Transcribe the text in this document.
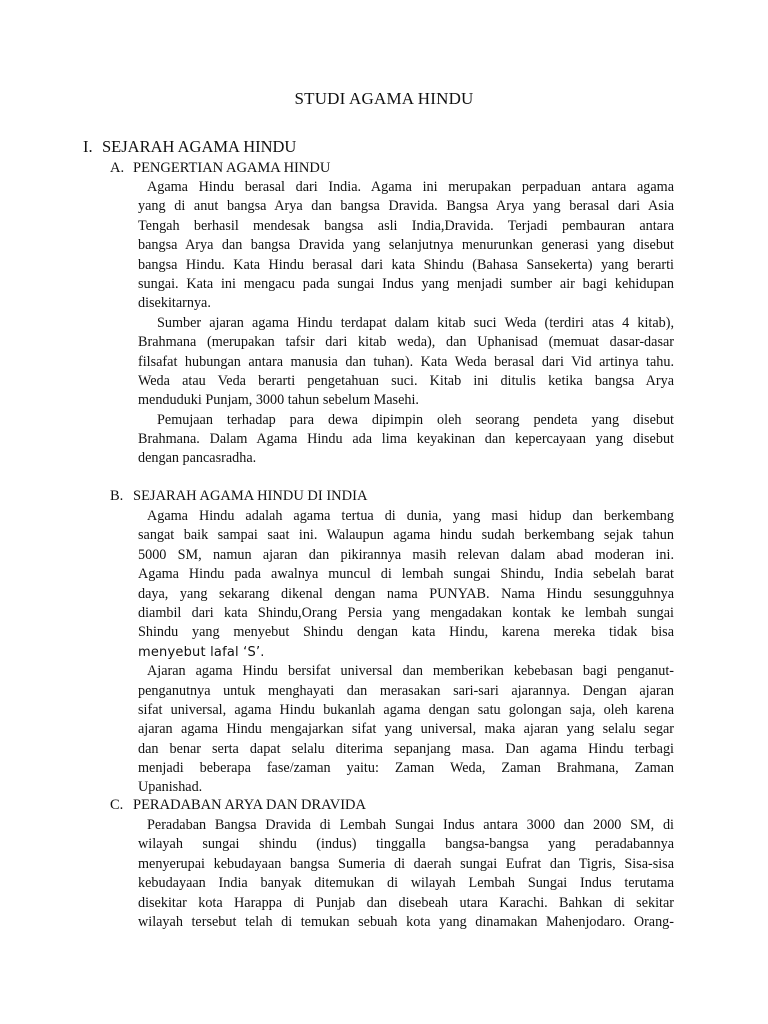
STUDI AGAMA HINDU
I. SEJARAH AGAMA HINDU
A. PENGERTIAN AGAMA HINDU
Agama Hindu berasal dari India. Agama ini merupakan perpaduan antara agama
yang di anut bangsa Arya dan bangsa Dravida. Bangsa Arya yang berasal dari Asia
Tengah berhasil mendesak bangsa asli India,Dravida. Terjadi pembauran antara
bangsa Arya dan bangsa Dravida yang selanjutnya menurunkan generasi yang disebut
bangsa Hindu. Kata Hindu berasal dari kata Shindu (Bahasa Sansekerta) yang berarti
sungai. Kata ini mengacu pada sungai Indus yang menjadi sumber air bagi kehidupan
disekitarnya.
Sumber ajaran agama Hindu terdapat dalam kitab suci Weda (terdiri atas 4 kitab),
Brahmana (merupakan tafsir dari kitab weda), dan Uphanisad (memuat dasar-dasar
filsafat hubungan antara manusia dan tuhan). Kata Weda berasal dari Vid artinya tahu.
Weda atau Veda berarti pengetahuan suci. Kitab ini ditulis ketika bangsa Arya
menduduki Punjam, 3000 tahun sebelum Masehi.
Pemujaan terhadap para dewa dipimpin oleh seorang pendeta yang disebut
Brahmana. Dalam Agama Hindu ada lima keyakinan dan kepercayaan yang disebut
dengan pancasradha.
B. SEJARAH AGAMA HINDU DI INDIA
Agama Hindu adalah agama tertua di dunia, yang masi hidup dan berkembang
sangat baik sampai saat ini. Walaupun agama hindu sudah berkembang sejak tahun
5000 SM, namun ajaran dan pikirannya masih relevan dalam abad moderan ini.
Agama Hindu pada awalnya muncul di lembah sungai Shindu, India sebelah barat
daya, yang sekarang dikenal dengan nama PUNYAB. Nama Hindu sesungguhnya
diambil dari kata Shindu,Orang Persia yang mengadakan kontak ke lembah sungai
Shindu yang menyebut Shindu dengan kata Hindu, karena mereka tidak bisa
menyebut lafal ‘S’.
Ajaran agama Hindu bersifat universal dan memberikan kebebasan bagi penganut-
penganutnya untuk menghayati dan merasakan sari-sari ajarannya. Dengan ajaran
sifat universal, agama Hindu bukanlah agama dengan satu golongan saja, oleh karena
ajaran agama Hindu mengajarkan sifat yang universal, maka ajaran yang selalu segar
dan benar serta dapat selalu diterima sepanjang masa. Dan agama Hindu terbagi
menjadi beberapa fase/zaman yaitu: Zaman Weda, Zaman Brahmana, Zaman
Upanishad.
C. PERADABAN ARYA DAN DRAVIDA
Peradaban Bangsa Dravida di Lembah Sungai Indus antara 3000 dan 2000 SM, di
wilayah sungai shindu (indus) tinggalla bangsa-bangsa yang peradabannya
menyerupai kebudayaan bangsa Sumeria di daerah sungai Eufrat dan Tigris, Sisa-sisa
kebudayaan India banyak ditemukan di wilayah Lembah Sungai Indus terutama
disekitar kota Harappa di Punjab dan disebeah utara Karachi. Bahkan di sekitar
wilayah tersebut telah di temukan sebuah kota yang dinamakan Mahenjodaro. Orang-
